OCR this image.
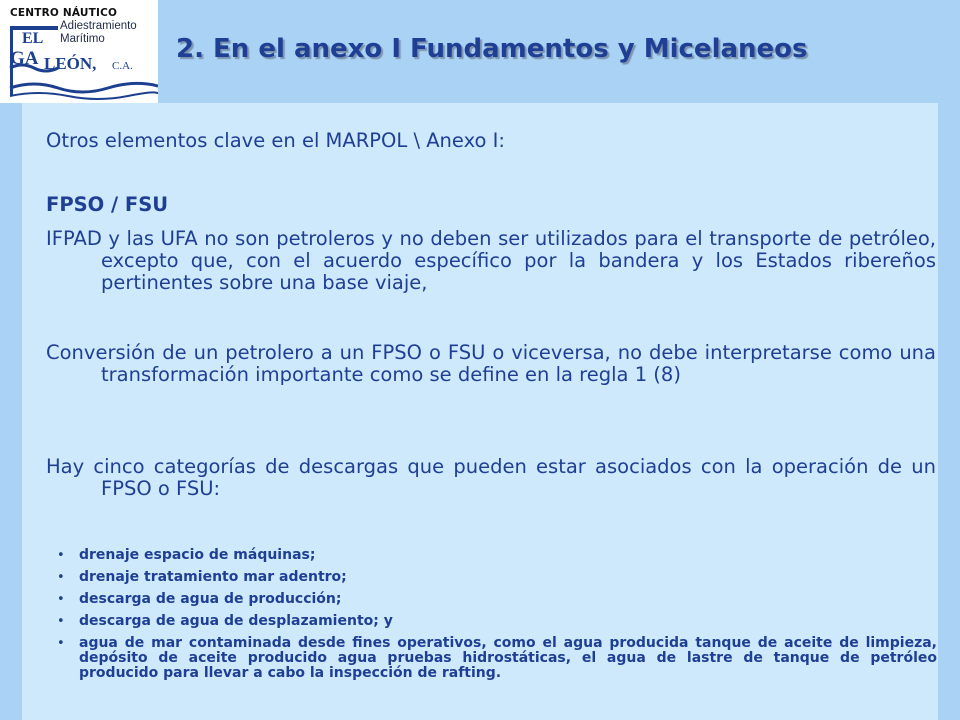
CENTRO NÁUTICO
Adiestramiento
Marítimo
EL
GA LEÓN, C.A.
2. En el anexo I Fundamentos y Micelaneos
Otros elementos clave en el MARPOL \ Anexo I:
FPSO / FSU
IFPAD y las UFA no son petroleros y no deben ser utilizados para el transporte de petróleo, excepto que, con el acuerdo específico por la bandera y los Estados ribereños pertinentes sobre una base viaje,
Conversión de un petrolero a un FPSO o FSU o viceversa, no debe interpretarse como una transformación importante como se define en la regla 1 (8)
Hay cinco categorías de descargas que pueden estar asociados con la operación de un FPSO o FSU:
• drenaje espacio de máquinas;
• drenaje tratamiento mar adentro;
• descarga de agua de producción;
• descarga de agua de desplazamiento; y
• agua de mar contaminada desde fines operativos, como el agua producida tanque de aceite de limpieza, depósito de aceite producido agua pruebas hidrostáticas, el agua de lastre de tanque de petróleo producido para llevar a cabo la inspección de rafting.
